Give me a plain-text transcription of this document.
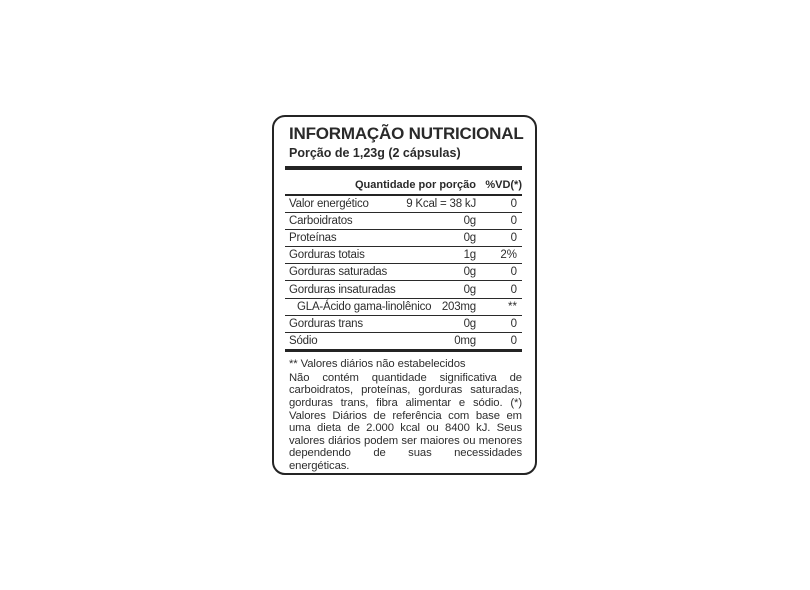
INFORMAÇÃO NUTRICIONAL
Porção de 1,23g (2 cápsulas)
Quantidade por porção %VD(*)
Valor energético	9 Kcal = 38 kJ	0
Carboidratos	0g	0
Proteínas	0g	0
Gorduras totais	1g	2%
Gorduras saturadas	0g	0
Gorduras insaturadas	0g	0
GLA-Ácido gama-linolênico 203mg	**
Gorduras trans	0g	0
Sódio	0mg	0
** Valores diários não estabelecidos
Não contém quantidade significativa de carboidratos, proteínas, gorduras saturadas, gorduras trans, fibra alimentar e sódio. (*) Valores Diários de referência com base em uma dieta de 2.000 kcal ou 8400 kJ. Seus valores diários podem ser maiores ou menores dependendo de suas necessidades energéticas.
